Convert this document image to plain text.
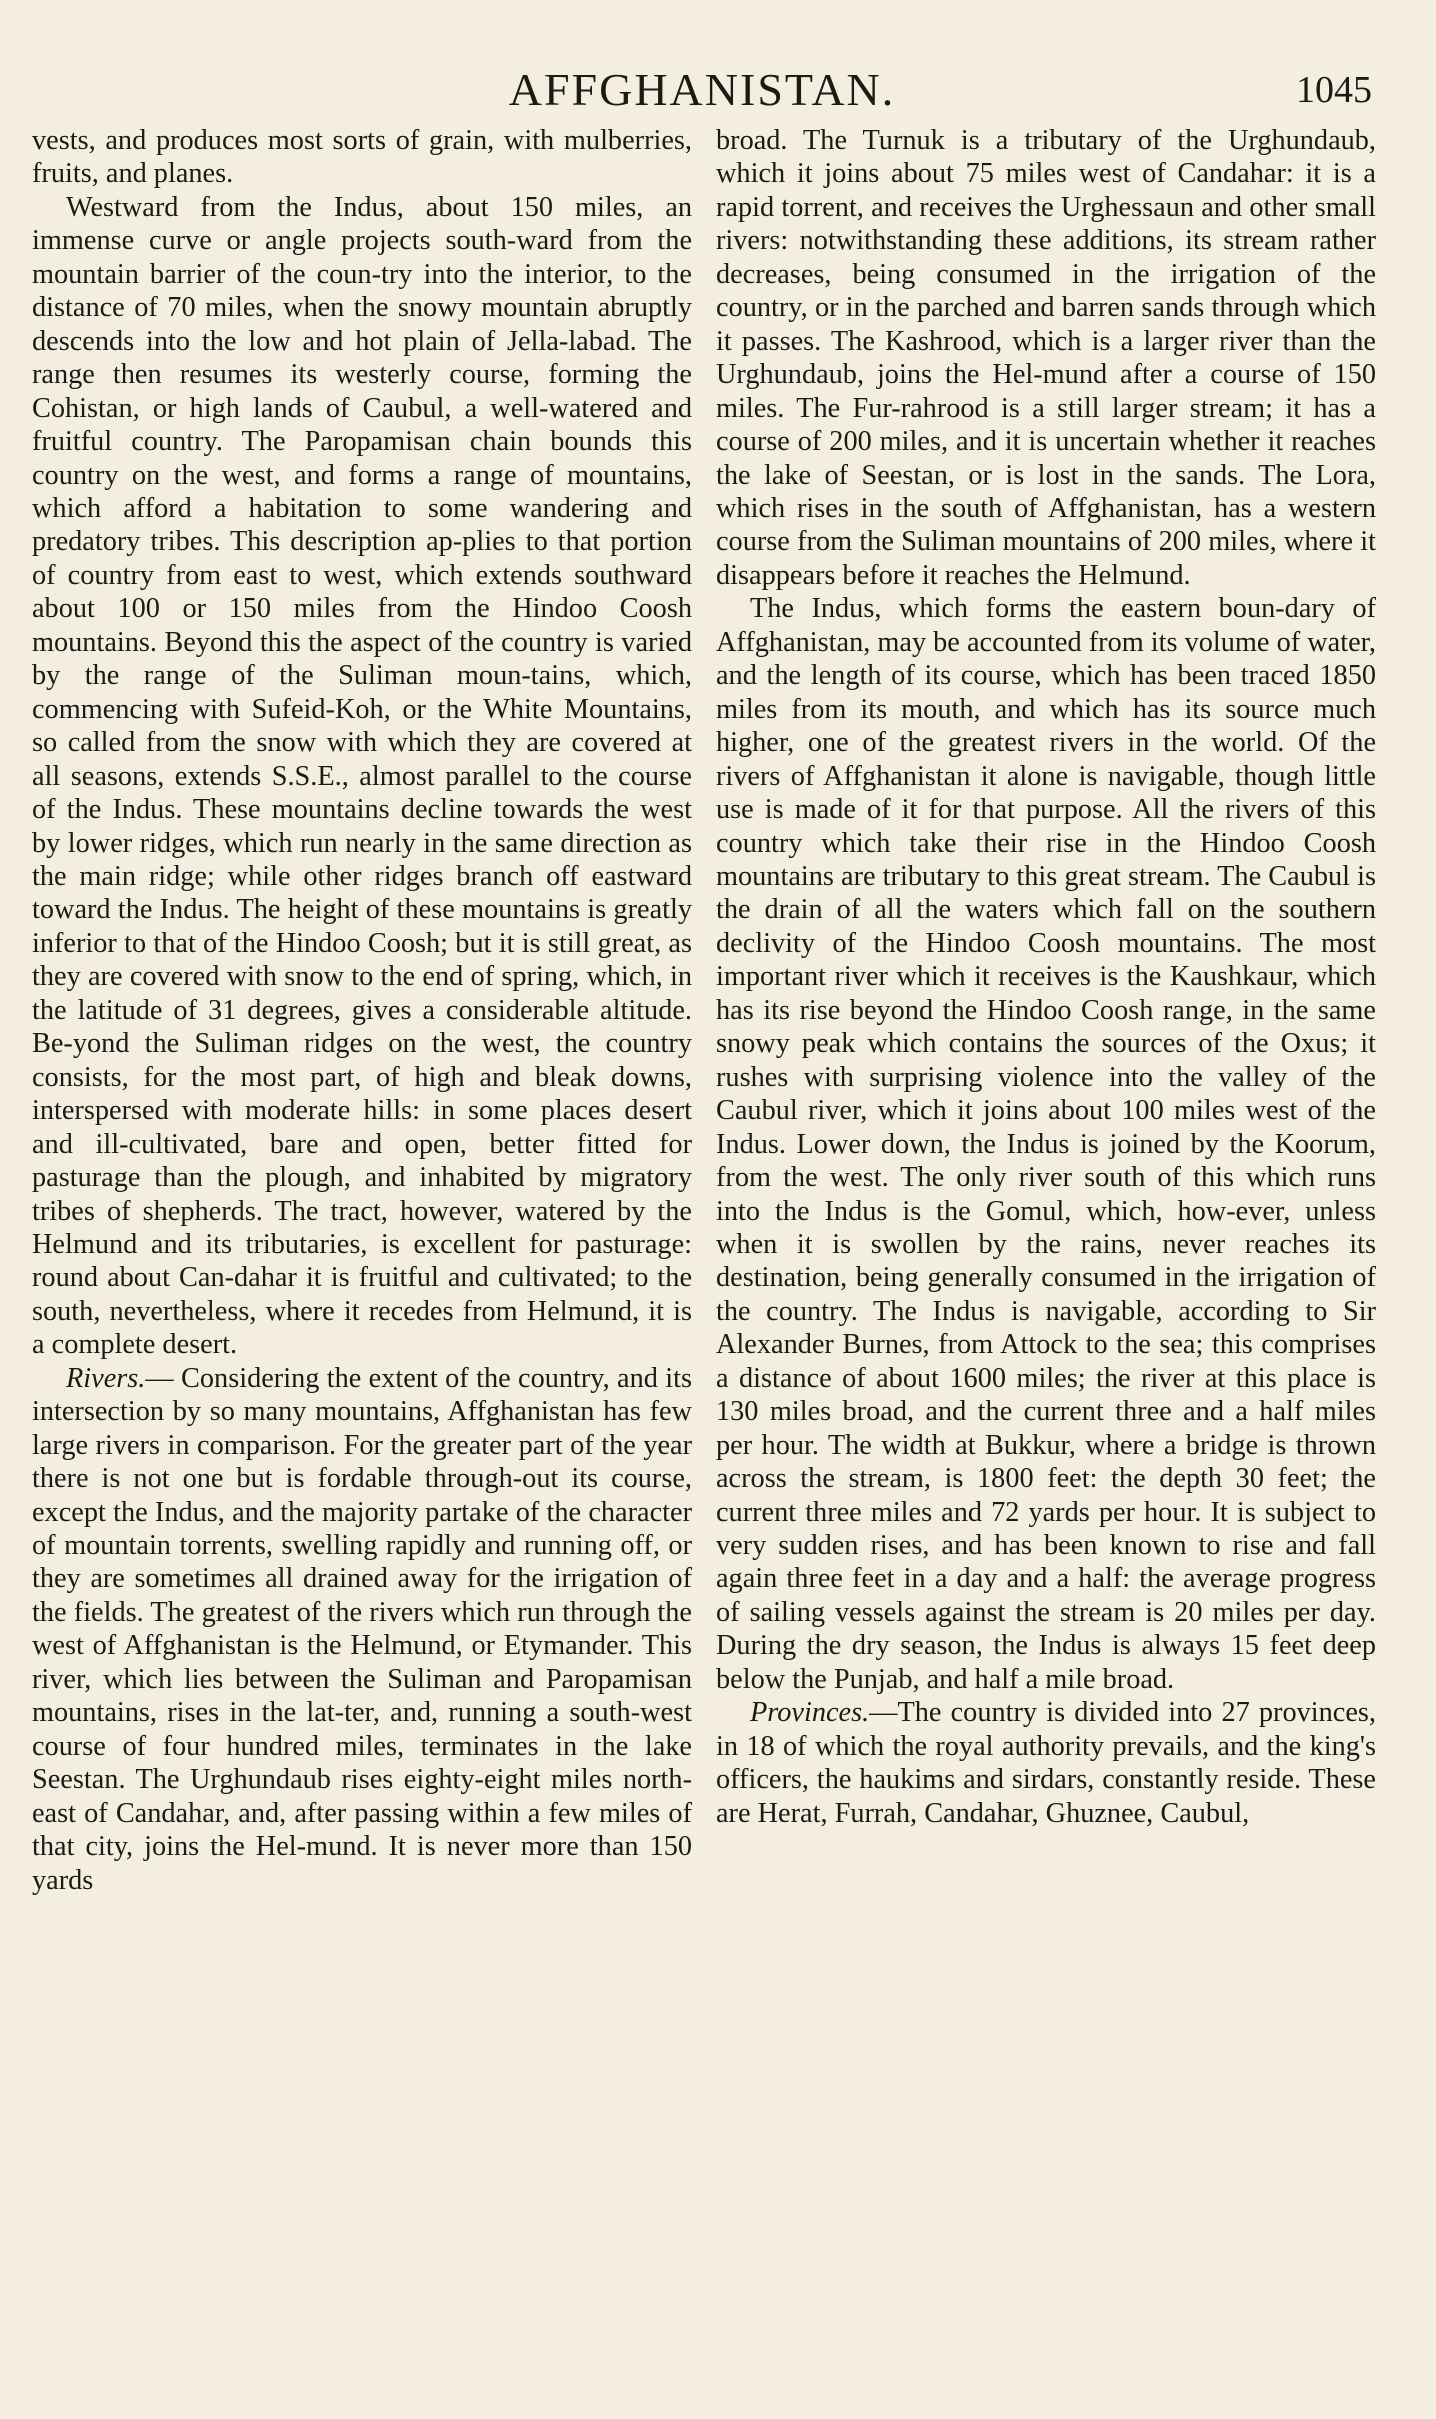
AFFGHANISTAN.	1045

vests, and produces most sorts of grain, with mulberries, fruits, and planes.

Westward from the Indus, about 150 miles, an immense curve or angle projects south-ward from the mountain barrier of the coun-try into the interior, to the distance of 70 miles, when the snowy mountain abruptly descends into the low and hot plain of Jella-labad. The range then resumes its westerly course, forming the Cohistan, or high lands of Caubul, a well-watered and fruitful country. The Paropamisan chain bounds this country on the west, and forms a range of mountains, which afford a habitation to some wandering and predatory tribes. This description ap-plies to that portion of country from east to west, which extends southward about 100 or 150 miles from the Hindoo Coosh mountains. Beyond this the aspect of the country is varied by the range of the Suliman moun-tains, which, commencing with Sufeid-Koh, or the White Mountains, so called from the snow with which they are covered at all seasons, extends S.S.E., almost parallel to the course of the Indus. These mountains decline towards the west by lower ridges, which run nearly in the same direction as the main ridge; while other ridges branch off eastward toward the Indus. The height of these mountains is greatly inferior to that of the Hindoo Coosh; but it is still great, as they are covered with snow to the end of spring, which, in the latitude of 31 degrees, gives a considerable altitude. Be-yond the Suliman ridges on the west, the country consists, for the most part, of high and bleak downs, interspersed with moderate hills: in some places desert and ill-cultivated, bare and open, better fitted for pasturage than the plough, and inhabited by migratory tribes of shepherds. The tract, however, watered by the Helmund and its tributaries, is excellent for pasturage: round about Can-dahar it is fruitful and cultivated; to the south, nevertheless, where it recedes from Helmund, it is a complete desert.

Rivers.— Considering the extent of the country, and its intersection by so many mountains, Affghanistan has few large rivers in comparison. For the greater part of the year there is not one but is fordable through-out its course, except the Indus, and the majority partake of the character of mountain torrents, swelling rapidly and running off, or they are sometimes all drained away for the irrigation of the fields. The greatest of the rivers which run through the west of Affghanistan is the Helmund, or Etymander. This river, which lies between the Suliman and Paropamisan mountains, rises in the lat-ter, and, running a south-west course of four hundred miles, terminates in the lake Seestan. The Urghundaub rises eighty-eight miles north-east of Candahar, and, after passing within a few miles of that city, joins the Hel-mund. It is never more than 150 yards

broad. The Turnuk is a tributary of the Urghundaub, which it joins about 75 miles west of Candahar: it is a rapid torrent, and receives the Urghessaun and other small rivers: notwithstanding these additions, its stream rather decreases, being consumed in the irrigation of the country, or in the parched and barren sands through which it passes. The Kashrood, which is a larger river than the Urghundaub, joins the Hel-mund after a course of 150 miles. The Fur-rahrood is a still larger stream; it has a course of 200 miles, and it is uncertain whether it reaches the lake of Seestan, or is lost in the sands. The Lora, which rises in the south of Affghanistan, has a western course from the Suliman mountains of 200 miles, where it disappears before it reaches the Helmund.

The Indus, which forms the eastern boun-dary of Affghanistan, may be accounted from its volume of water, and the length of its course, which has been traced 1850 miles from its mouth, and which has its source much higher, one of the greatest rivers in the world. Of the rivers of Affghanistan it alone is navigable, though little use is made of it for that purpose. All the rivers of this country which take their rise in the Hindoo Coosh mountains are tributary to this great stream. The Caubul is the drain of all the waters which fall on the southern declivity of the Hindoo Coosh mountains. The most important river which it receives is the Kaushkaur, which has its rise beyond the Hindoo Coosh range, in the same snowy peak which contains the sources of the Oxus; it rushes with surprising violence into the valley of the Caubul river, which it joins about 100 miles west of the Indus. Lower down, the Indus is joined by the Koorum, from the west. The only river south of this which runs into the Indus is the Gomul, which, how-ever, unless when it is swollen by the rains, never reaches its destination, being generally consumed in the irrigation of the country. The Indus is navigable, according to Sir Alexander Burnes, from Attock to the sea; this comprises a distance of about 1600 miles; the river at this place is 130 miles broad, and the current three and a half miles per hour. The width at Bukkur, where a bridge is thrown across the stream, is 1800 feet: the depth 30 feet; the current three miles and 72 yards per hour. It is subject to very sudden rises, and has been known to rise and fall again three feet in a day and a half: the average progress of sailing vessels against the stream is 20 miles per day. During the dry season, the Indus is always 15 feet deep below the Punjab, and half a mile broad.

Provinces.—The country is divided into 27 provinces, in 18 of which the royal authority prevails, and the king's officers, the haukims and sirdars, constantly reside. These are Herat, Furrah, Candahar, Ghuznee, Caubul,
